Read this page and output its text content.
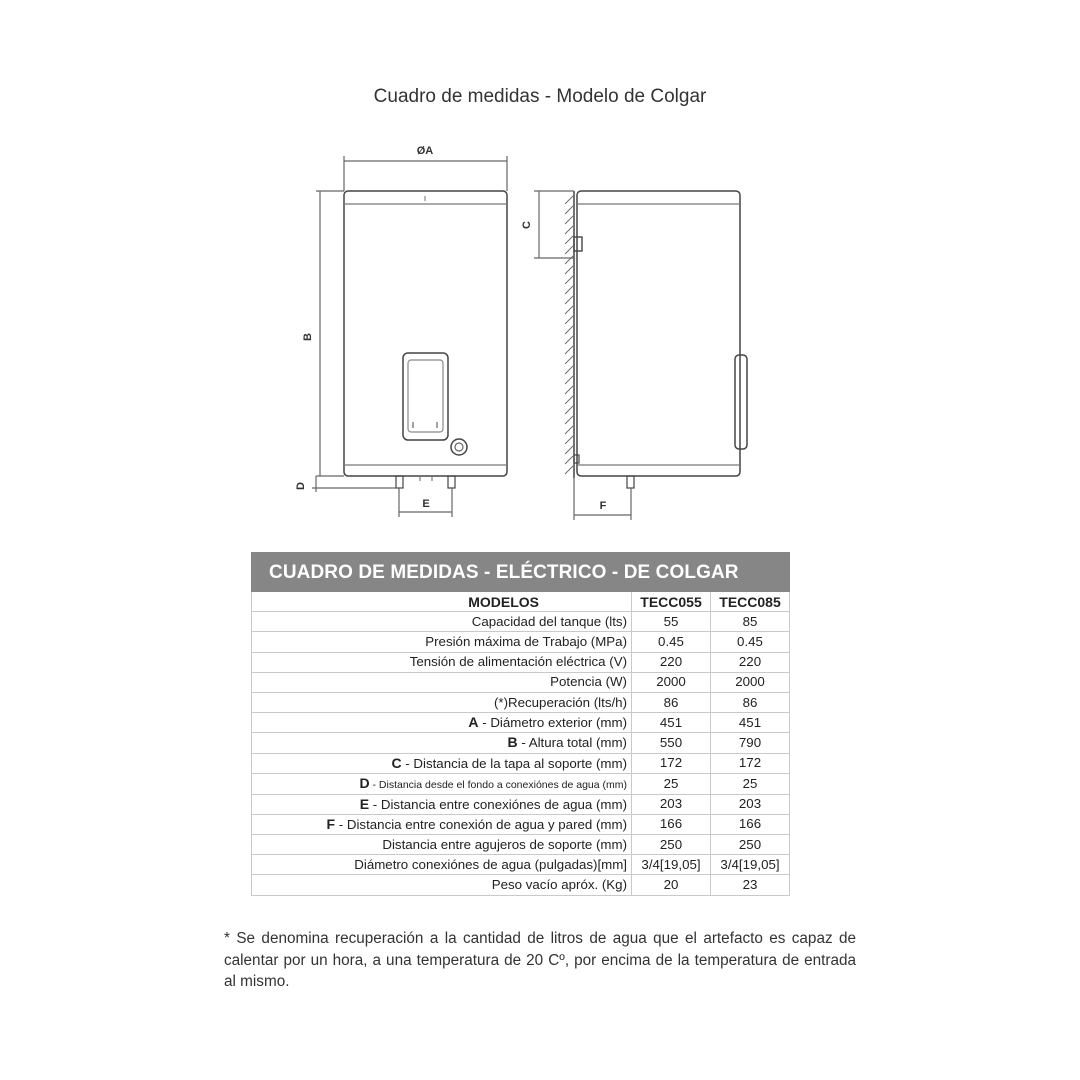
Cuadro de medidas - Modelo de Colgar
ØA
B
D
E
C
F
CUADRO DE MEDIDAS - ELÉCTRICO - DE COLGAR
MODELOS	TECC055	TECC085
Capacidad del tanque (lts)	55	85
Presión máxima de Trabajo (MPa)	0.45	0.45
Tensión de alimentación eléctrica (V)	220	220
Potencia (W)	2000	2000
(*)Recuperación (lts/h)	86	86
A - Diámetro exterior (mm)	451	451
B - Altura total (mm)	550	790
C - Distancia de la tapa al soporte (mm)	172	172
D - Distancia desde el fondo a conexiónes de agua (mm)	25	25
E - Distancia entre conexiónes de agua (mm)	203	203
F - Distancia entre conexión de agua y pared (mm)	166	166
Distancia entre agujeros de soporte (mm)	250	250
Diámetro conexiónes de agua (pulgadas)[mm]	3/4[19,05]	3/4[19,05]
Peso vacío apróx. (Kg)	20	23
* Se denomina recuperación a la cantidad de litros de agua que el artefacto es capaz de calentar por un hora, a una temperatura de 20 Cº, por encima de la temperatura de entrada al mismo.
